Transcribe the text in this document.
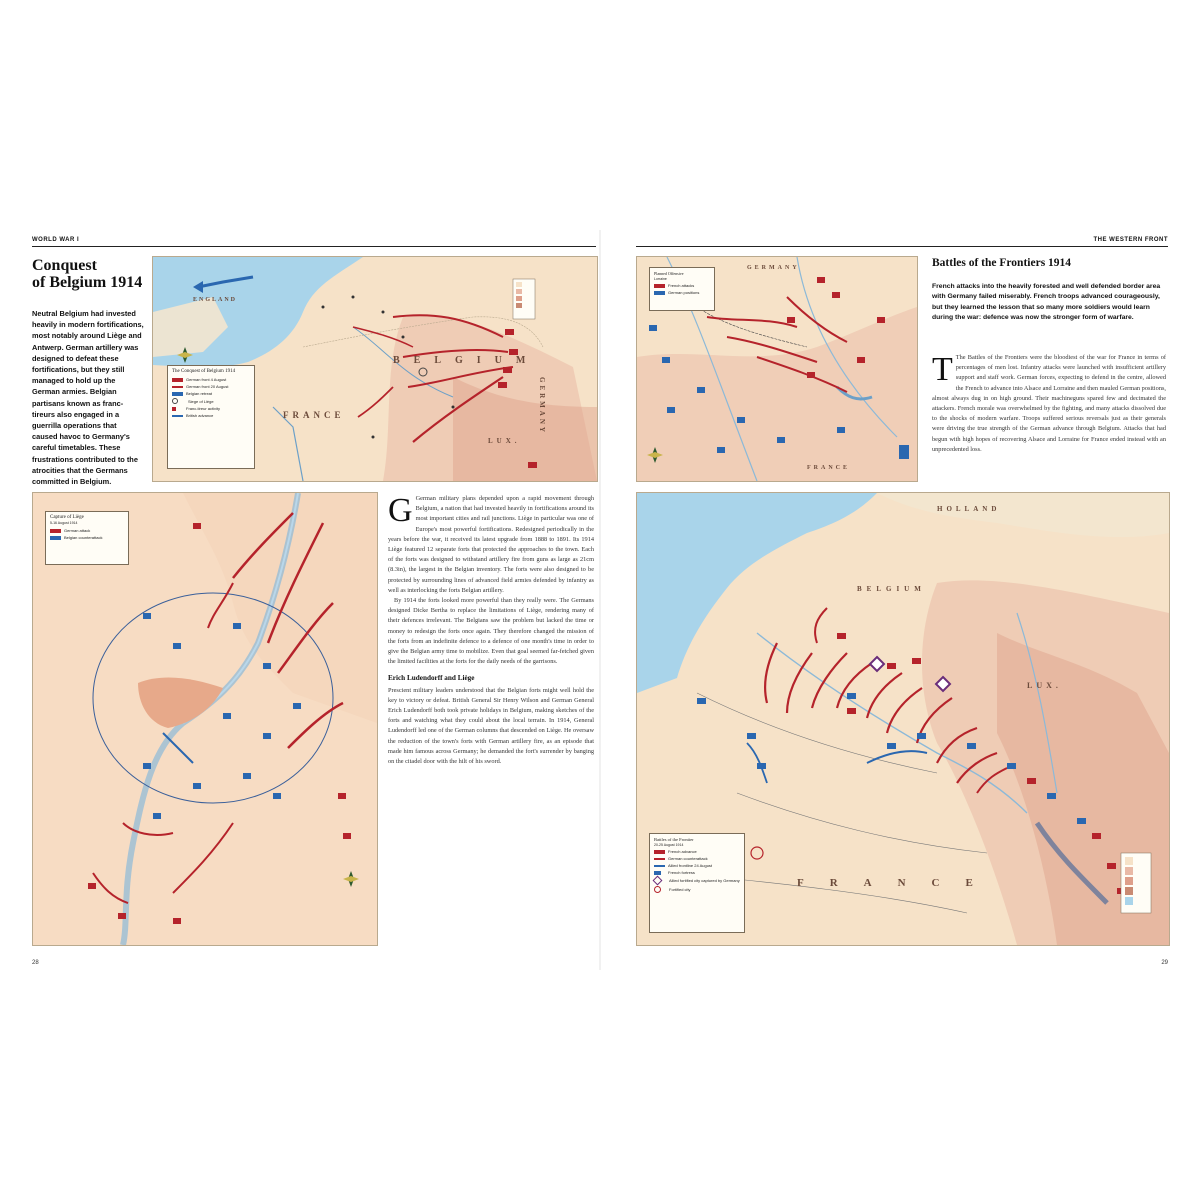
WORLD WAR I
Conquest
of Belgium 1914
Neutral Belgium had invested heavily in modern fortifications, most notably around Liège and Antwerp. German artillery was designed to defeat these fortifications, but they still managed to hold up the German armies. Belgian partisans known as franc-tireurs also engaged in a guerrilla operations that caused havoc to Germany's careful timetables. These frustrations contributed to the atrocities that the Germans committed in Belgium.
ENGLAND
FRANCE	GERMANY
LUX.
BELGIUM
The Conquest of Belgium 1914
German front 4 August
German front 20 August
Belgian retreat
Siege of Liège
Franc-tireur activity
British advance
Capture of Liège
5-16 August 1914
German attack
Belgian counterattack

G German military plans depended upon a rapid movement through Belgium, a nation that had invested heavily in fortifications around its most important cities and rail junctions. Liège in particular was one of Europe's most powerful fortifications. Redesigned periodically in the years before the war, it received its latest upgrade from 1888 to 1891. Its 1914 Liège featured 12 separate forts that protected the approaches to the town. Each of the forts was designed to withstand artillery fire from guns as large as 21cm (8.3in), the largest in the Belgian inventory. The forts were also designed to be protected by surrounding lines of advanced field armies defended by infantry as well as interlocking the forts Belgian artillery.

By 1914 the forts looked more powerful than they really were. The Germans designed Dicke Bertha to replace the limitations of Liège, rendering many of their defences irrelevant. The Belgians saw the problem but lacked the time or money to redesign the forts once again. They therefore changed the mission of the forts from an indefinite defence to a defence of one month's time in order to give the Belgian army time to mobilize. Even that goal seemed far-fetched given the limited facilities at the forts for the daily needs of the garrisons.

Erich Ludendorff and Liège

Prescient military leaders understood that the Belgian forts might well hold the key to victory or defeat. British General Sir Henry Wilson and German General Erich Ludendorff both took private holidays in Belgium, making sketches of the forts and watching what they could about the local terrain. In 1914, General Ludendorff led one of the German columns that descended on Liège. He oversaw the reduction of the town's forts with German artillery fire, as an episode that made him famous across Germany; he demanded the fort's surrender by banging on the citadel door with the hilt of his sword.

28
THE WESTERN FRONT
GERMANY
FRANCE
Planned Offensive
Lorraine
French attacks
German positions
Battles of the Frontiers 1914
French attacks into the heavily forested and well defended border area with Germany failed miserably. French troops advanced courageously, but they learned the lesson that so many more soldiers would learn during the war: defence was now the stronger form of warfare.

T The Battles of the Frontiers were the bloodiest of the war for France in terms of percentages of men lost. Infantry attacks were launched with insufficient artillery support and staff work. German forces, expecting to defend in the centre, allowed the French to advance into Alsace and Lorraine and then mauled German positions, almost always dug in on high ground. Their machineguns spared few and decimated the attackers. French morale was overwhelmed by the fighting, and many attacks dissolved due to the shocks of modern warfare. Troops suffered serious reversals just as their generals were driving the true strength of the German advance through Belgium. Attacks that had begun with high hopes of recovering Alsace and Lorraine for France ended instead with an unprecedented loss.

HOLLAND
BELGIUM
LUX.
FRANCE
Battles of the Frontier
20-25 August 1914
French advance
German counterattack
Allied frontline 24 August
French fortress
Allied fortified city captured by Germany
Fortified city
29
